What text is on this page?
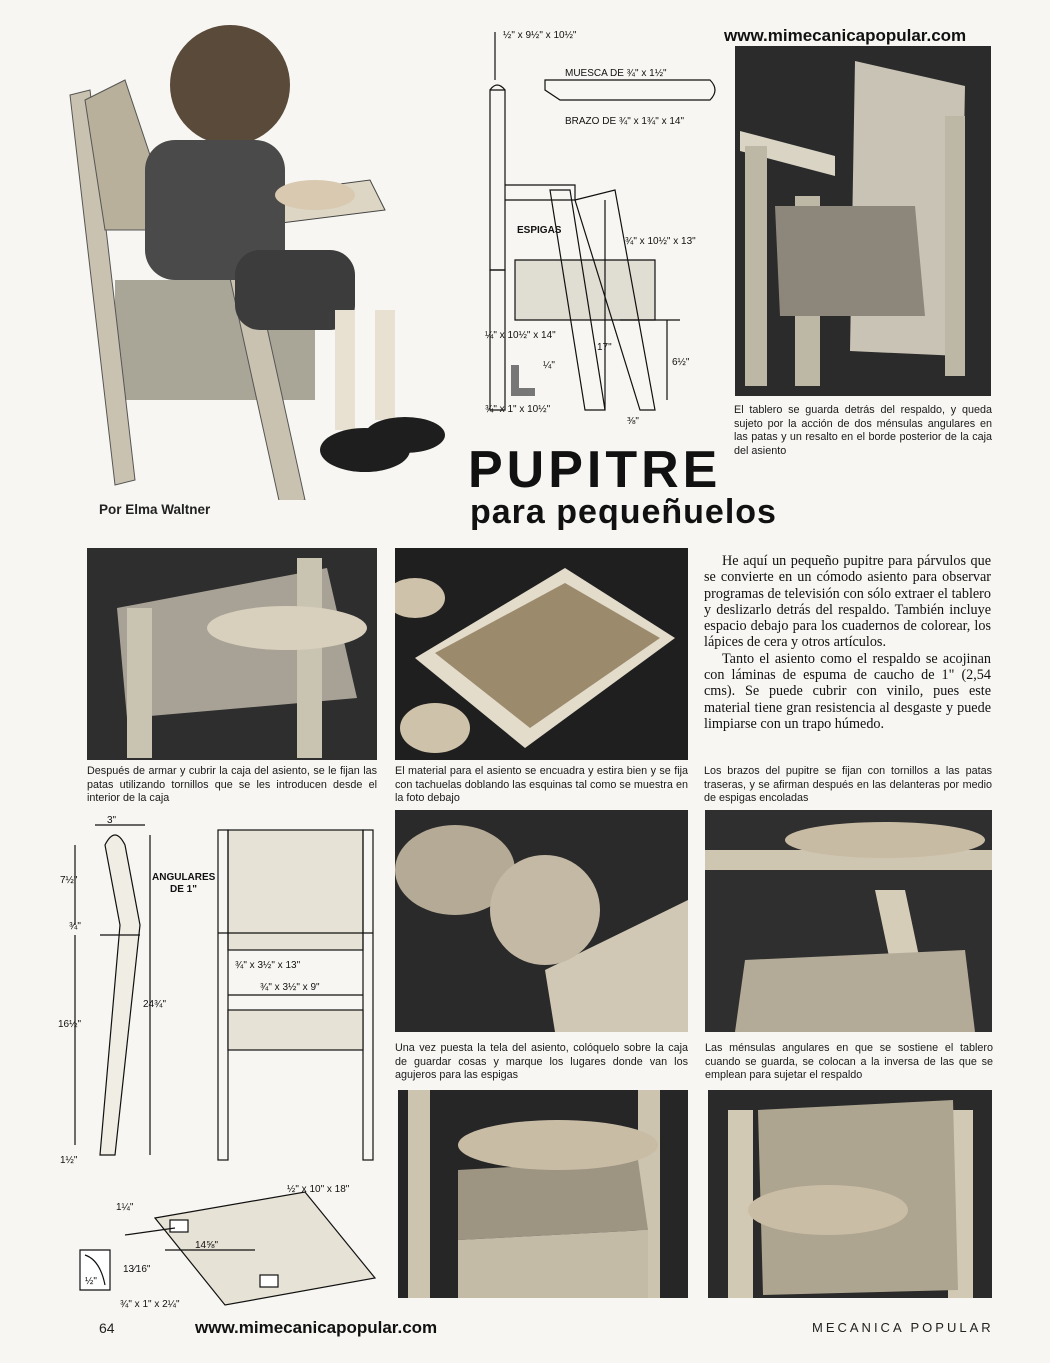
www.mimecanicapopular.com
Por Elma Waltner
½" x 9½" x 10½"
MUESCA DE ¾" x 1½"
BRAZO DE ¾" x 1¾" x 14"
ESPIGAS
¾" x 10½" x 13"
¼" x 10½" x 14"
17"
6½"
¼"
¾" x 1" x 10½"
⅜"
El tablero se guarda detrás del respaldo, y queda sujeto por la acción de dos ménsulas angulares en las patas y un resalto en el borde posterior de la caja del asiento
PUPITRE
para pequeñuelos
Después de armar y cubrir la caja del asiento, se le fijan las patas utilizando tornillos que se les introducen desde el interior de la caja
El material para el asiento se encuadra y estira bien y se fija con tachuelas doblando las esquinas tal como se muestra en la foto debajo

He aquí un pequeño pupitre para párvulos que se convierte en un cómodo asiento para observar programas de televisión con sólo extraer el tablero y deslizarlo detrás del respaldo. También incluye espacio debajo para los cuadernos de colorear, los lápices de cera y otros artículos.

Tanto el asiento como el respaldo se acojinan con láminas de espuma de caucho de 1" (2,54 cms). Se puede cubrir con vinilo, pues este material tiene gran resistencia al desgaste y puede limpiarse con un trapo húmedo.

Los brazos del pupitre se fijan con tornillos a las patas traseras, y se afirman después en las delanteras por medio de espigas encoladas
3"
7½"
¾"
16½"
24¾"
1½"
ANGULARES
DE 1"
¾" x 3½" x 13"
¾" x 3½" x 9"
Una vez puesta la tela del asiento, colóquelo sobre la caja de guardar cosas y marque los lugares donde van los agujeros para las espigas
Las ménsulas angulares en que se sostiene el tablero cuando se guarda, se colocan a la inversa de las que se emplean para sujetar el respaldo
½" x 10" x 18"
1¼"
14⅝"
13⁄16"
½"
¾" x 1" x 2¼"
64	www.mimecanicapopular.com	MECANICA POPULAR
